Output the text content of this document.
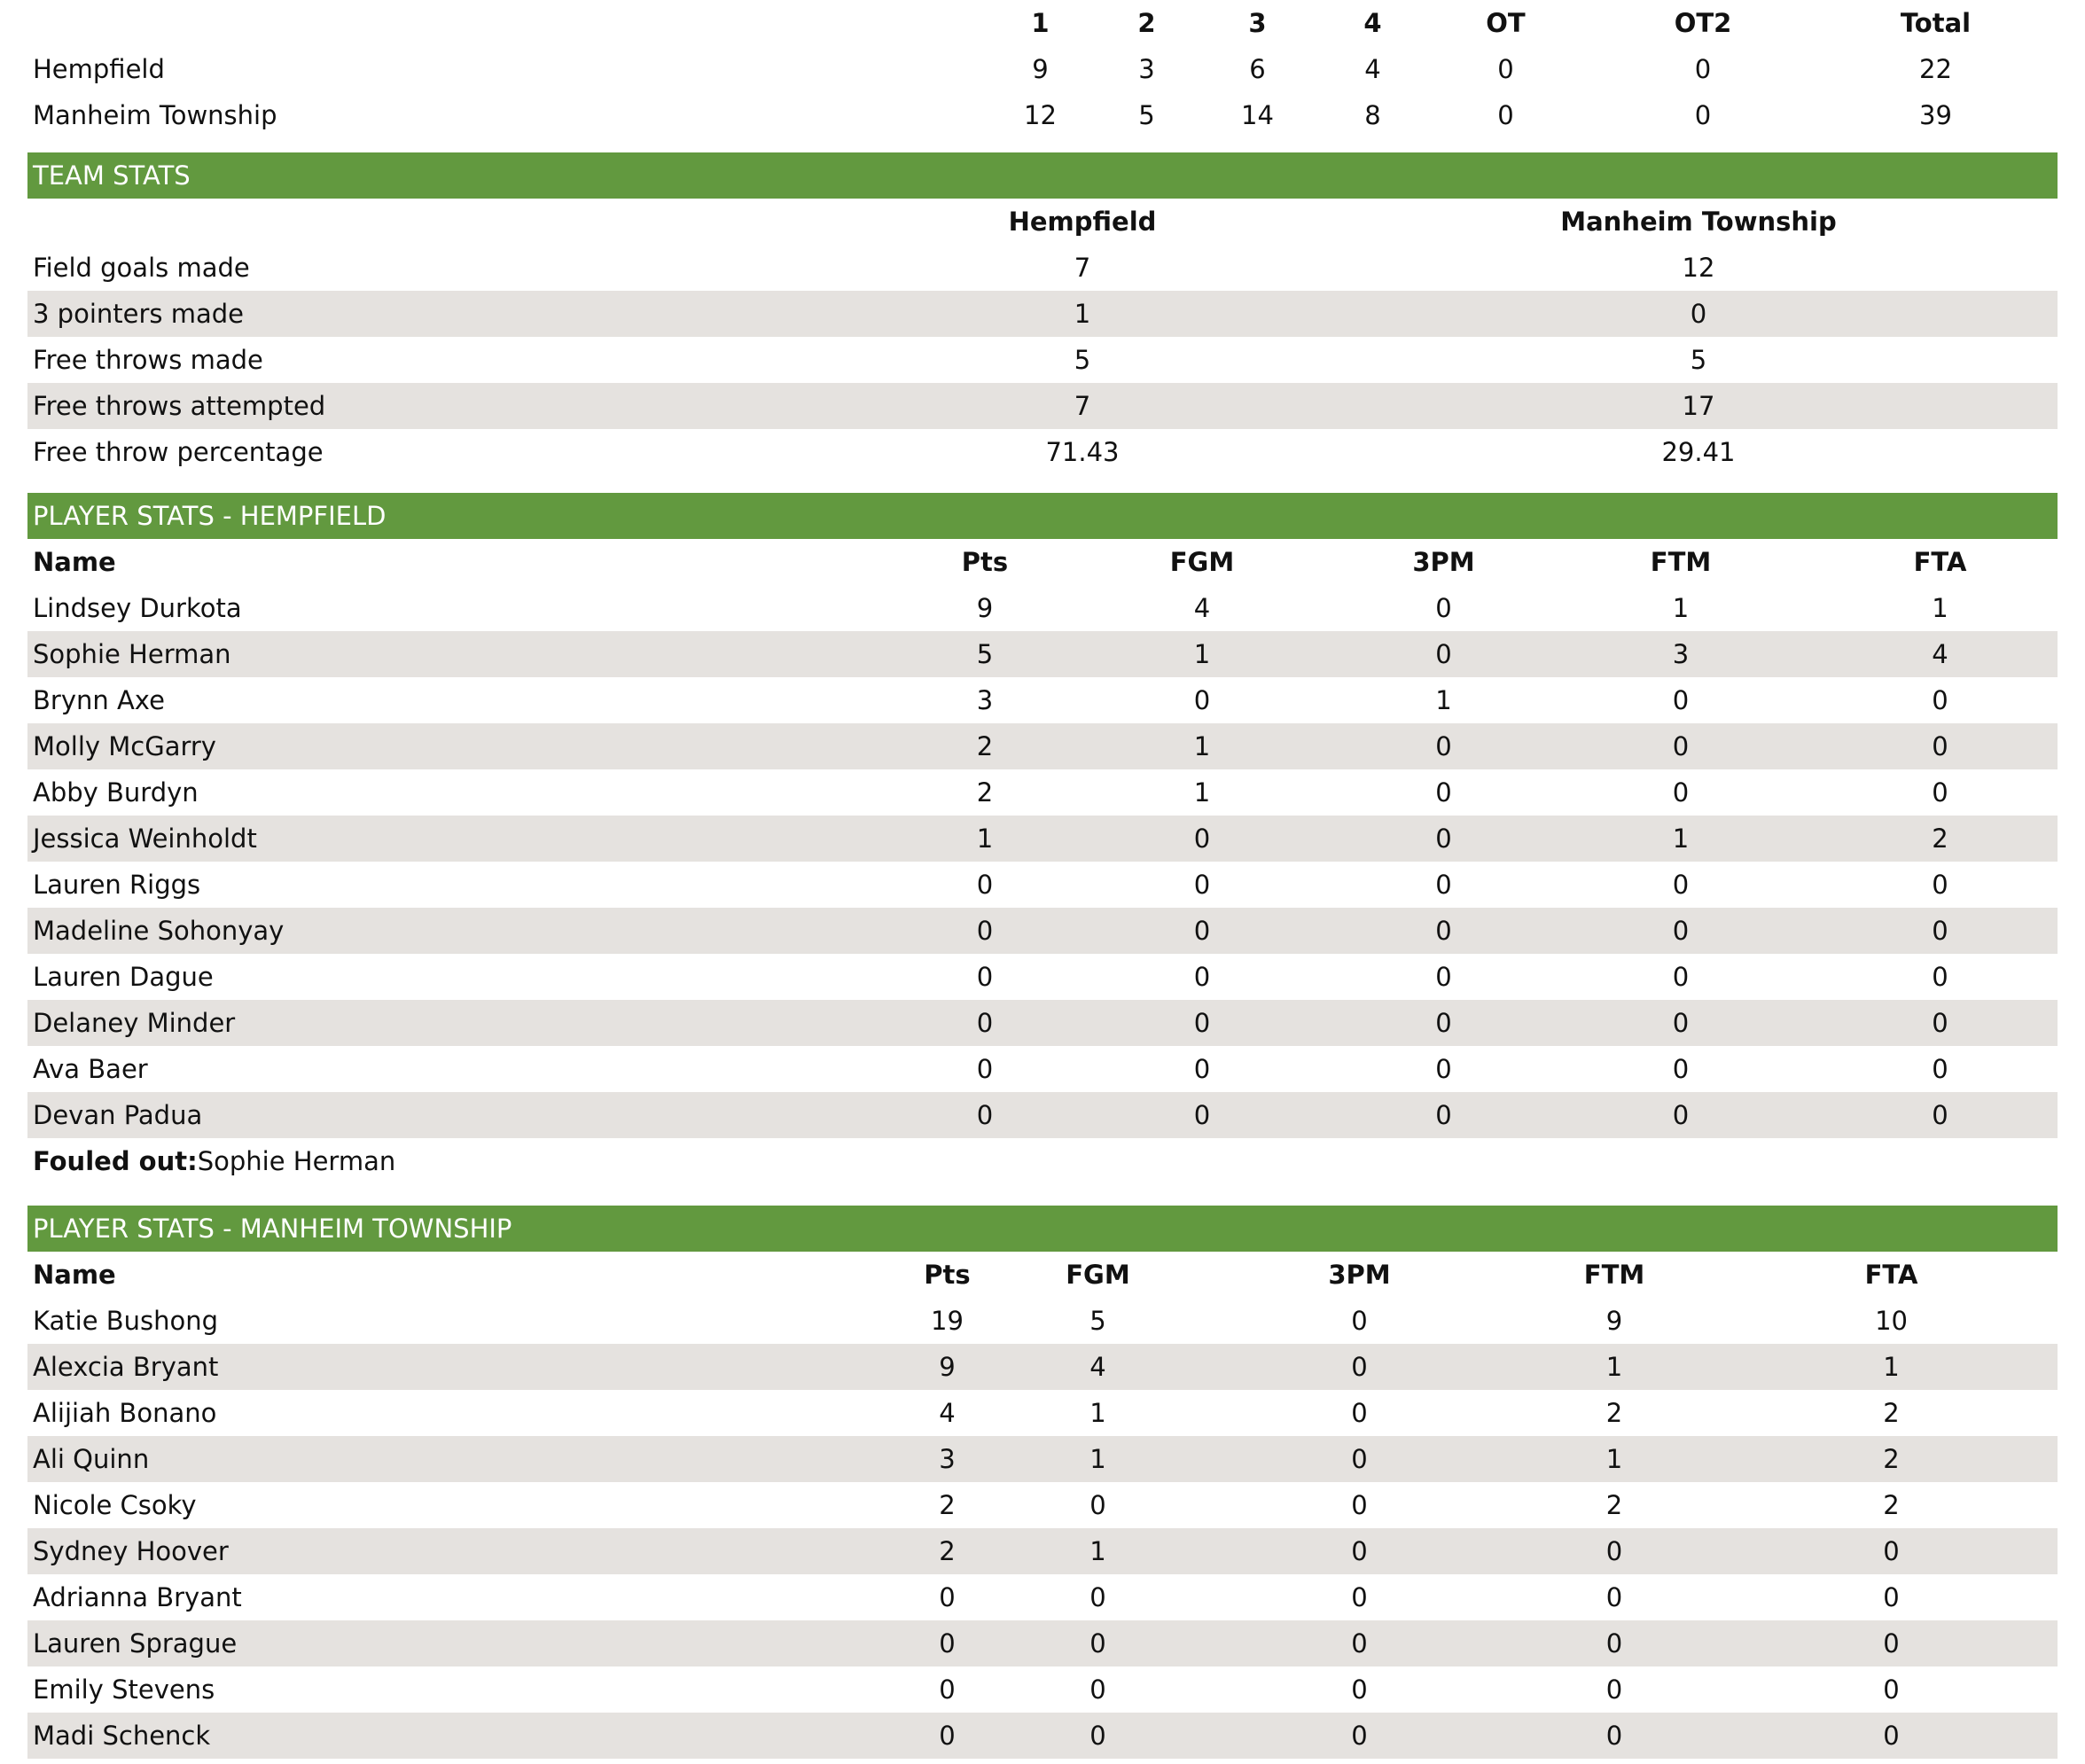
	1	2	3	4	OT	OT2	Total
Hempfield	9	3	6	4	0	0	22
Manheim Township	12	5	14	8	0	0	39
TEAM STATS		
	Hempfield	Manheim Township
Field goals made	7	12
3 pointers made	1	0
Free throws made	5	5
Free throws attempted	7	17
Free throw percentage	71.43	29.41
PLAYER STATS - HEMPFIELD					
Name	Pts	FGM	3PM	FTM	FTA
Lindsey Durkota	9	4	0	1	1
Sophie Herman	5	1	0	3	4
Brynn Axe	3	0	1	0	0
Molly McGarry	2	1	0	0	0
Abby Burdyn	2	1	0	0	0
Jessica Weinholdt	1	0	0	1	2
Lauren Riggs	0	0	0	0	0
Madeline Sohonyay	0	0	0	0	0
Lauren Dague	0	0	0	0	0
Delaney Minder	0	0	0	0	0
Ava Baer	0	0	0	0	0
Devan Padua	0	0	0	0	0
Fouled out:Sophie Herman					
PLAYER STATS - MANHEIM TOWNSHIP					
Name	Pts	FGM	3PM	FTM	FTA
Katie Bushong	19	5	0	9	10
Alexcia Bryant	9	4	0	1	1
Alijiah Bonano	4	1	0	2	2
Ali Quinn	3	1	0	1	2
Nicole Csoky	2	0	0	2	2
Sydney Hoover	2	1	0	0	0
Adrianna Bryant	0	0	0	0	0
Lauren Sprague	0	0	0	0	0
Emily Stevens	0	0	0	0	0
Madi Schenck	0	0	0	0	0
